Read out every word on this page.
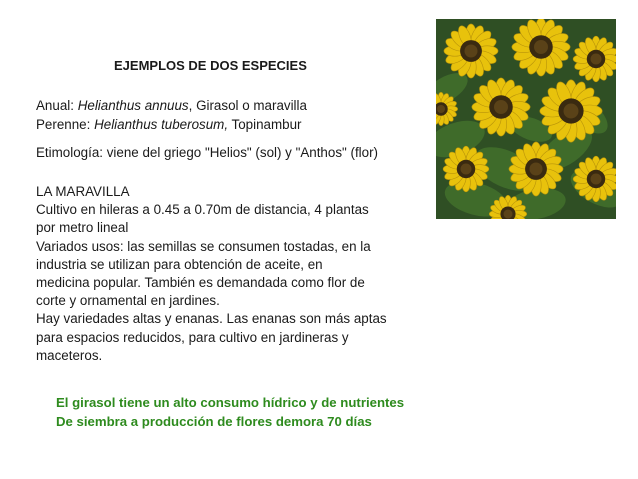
EJEMPLOS DE DOS ESPECIES
Anual: Helianthus annuus, Girasol o maravilla
Perenne: Helianthus tuberosum, Topinambur
Etimología: viene del griego "Helios" (sol) y "Anthos" (flor)
LA MARAVILLA
Cultivo en hileras a 0.45 a 0.70m de distancia, 4 plantas
por metro lineal
Variados usos: las semillas se consumen tostadas, en la
industria se utilizan para obtención de aceite, en
medicina popular. También es demandada como flor de
corte y ornamental en jardines.
Hay variedades altas y enanas. Las enanas son más aptas
para espacios reducidos, para cultivo en jardineras y
maceteros.
El girasol tiene un alto consumo hídrico y de nutrientes
De siembra a producción de flores demora 70 días
